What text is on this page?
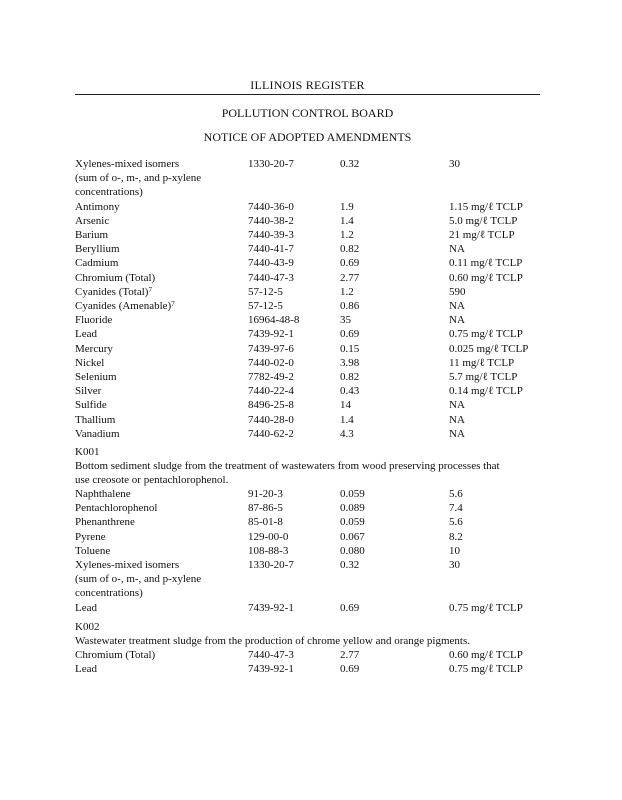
ILLINOIS REGISTER
POLLUTION CONTROL BOARD
NOTICE OF ADOPTED AMENDMENTS
Xylenes-mixed isomers	1330-20-7	0.32	30
(sum of o-, m-, and p-xylene
concentrations)
Antimony	7440-36-0	1.9	1.15 mg/ℓ TCLP
Arsenic	7440-38-2	1.4	5.0 mg/ℓ TCLP
Barium	7440-39-3	1.2	21 mg/ℓ TCLP
Beryllium	7440-41-7	0.82	NA
Cadmium	7440-43-9	0.69	0.11 mg/ℓ TCLP
Chromium (Total)	7440-47-3	2.77	0.60 mg/ℓ TCLP
Cyanides (Total)$^7$	57-12-5	1.2	590
Cyanides (Amenable)$^7$	57-12-5	0.86	NA
Fluoride	16964-48-8	35	NA
Lead	7439-92-1	0.69	0.75 mg/ℓ TCLP
Mercury	7439-97-6	0.15	0.025 mg/ℓ TCLP
Nickel	7440-02-0	3.98	11 mg/ℓ TCLP
Selenium	7782-49-2	0.82	5.7 mg/ℓ TCLP
Silver	7440-22-4	0.43	0.14 mg/ℓ TCLP
Sulfide	8496-25-8	14	NA
Thallium	7440-28-0	1.4	NA
Vanadium	7440-62-2	4.3	NA
K001
Bottom sediment sludge from the treatment of wastewaters from wood preserving processes that
use creosote or pentachlorophenol.
Naphthalene	91-20-3	0.059	5.6
Pentachlorophenol	87-86-5	0.089	7.4
Phenanthrene	85-01-8	0.059	5.6
Pyrene	129-00-0	0.067	8.2
Toluene	108-88-3	0.080	10
Xylenes-mixed isomers	1330-20-7	0.32	30
(sum of o-, m-, and p-xylene
concentrations)
Lead	7439-92-1	0.69	0.75 mg/ℓ TCLP
K002
Wastewater treatment sludge from the production of chrome yellow and orange pigments.
Chromium (Total)	7440-47-3	2.77	0.60 mg/ℓ TCLP
Lead	7439-92-1	0.69	0.75 mg/ℓ TCLP
